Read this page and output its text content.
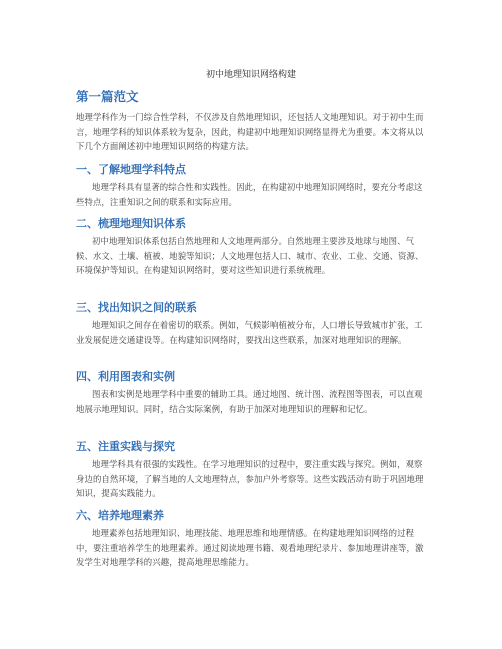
初中地理知识网络构建
第一篇范文
地理学科作为一门综合性学科，不仅涉及自然地理知识，还包括人文地理知识。对于初中生而言，地理学科的知识体系较为复杂，因此，构建初中地理知识网络显得尤为重要。本文将从以下几个方面阐述初中地理知识网络的构建方法。
一、了解地理学科特点
地理学科具有显著的综合性和实践性。因此，在构建初中地理知识网络时，要充分考虑这些特点，注重知识之间的联系和实际应用。
二、梳理地理知识体系
初中地理知识体系包括自然地理和人文地理两部分。自然地理主要涉及地球与地图、气候、水文、土壤、植被、地貌等知识；人文地理包括人口、城市、农业、工业、交通、资源、环境保护等知识。在构建知识网络时，要对这些知识进行系统梳理。
三、找出知识之间的联系
地理知识之间存在着密切的联系。例如，气候影响植被分布，人口增长导致城市扩张，工业发展促进交通建设等。在构建知识网络时，要找出这些联系，加深对地理知识的理解。
四、利用图表和实例
图表和实例是地理学科中重要的辅助工具。通过地图、统计图、流程图等图表，可以直观地展示地理知识。同时，结合实际案例，有助于加深对地理知识的理解和记忆。
五、注重实践与探究
地理学科具有很强的实践性。在学习地理知识的过程中，要注重实践与探究。例如，观察身边的自然环境，了解当地的人文地理特点，参加户外考察等。这些实践活动有助于巩固地理知识，提高实践能力。
六、培养地理素养
地理素养包括地理知识、地理技能、地理思维和地理情感。在构建地理知识网络的过程中，要注重培养学生的地理素养。通过阅读地理书籍、观看地理纪录片、参加地理讲座等，激发学生对地理学科的兴趣，提高地理思维能力。
